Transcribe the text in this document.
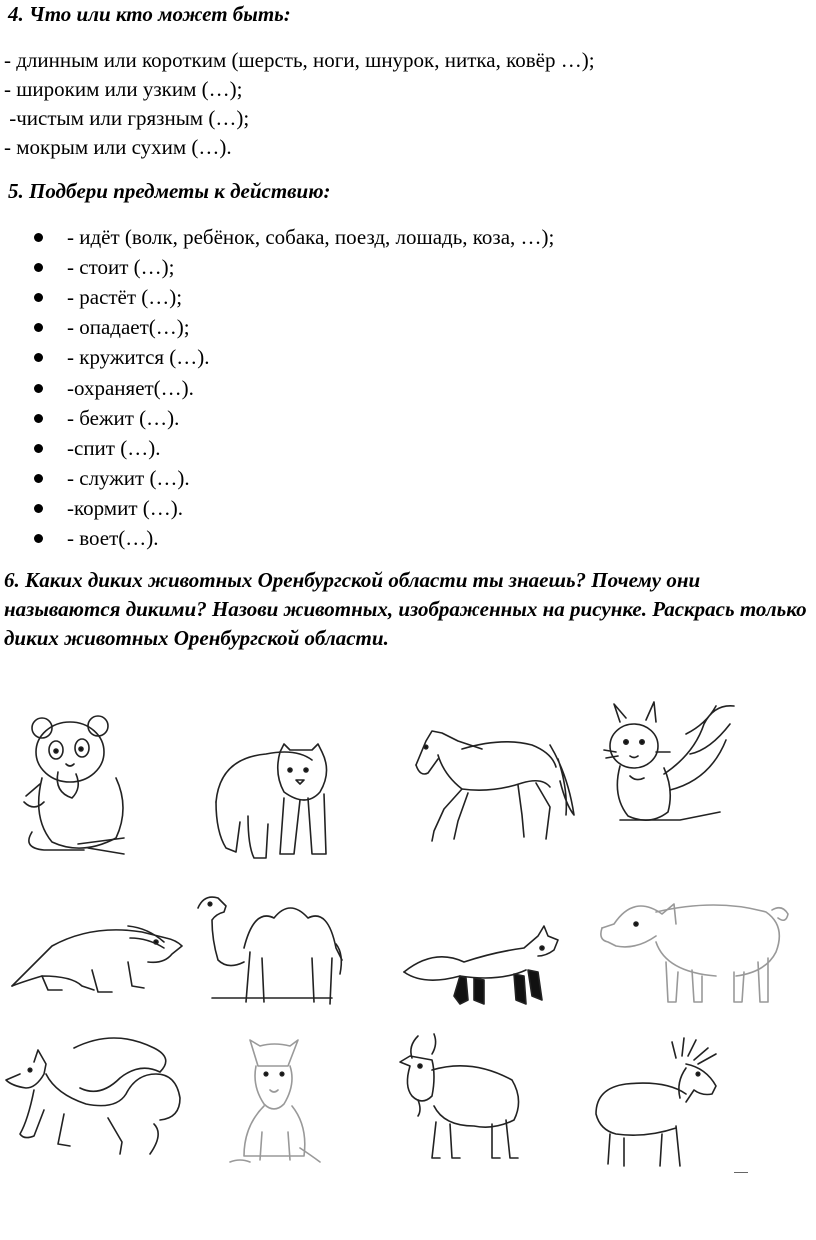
4. Что или кто может быть:

- длинным или коротким (шерсть, ноги, шнурок, нитка, ковёр …);

- широким или узким (…);

-чистым или грязным (…);

- мокрым или сухим (…).

5. Подбери предметы к действию:
- идёт (волк, ребёнок, собака, поезд, лошадь, коза, …);
- стоит (…);
- растёт (…);
- опадает(…);
- кружится (…).
-охраняет(…).
- бежит (…).
-спит (…).
- служит (…).
-кормит (…).
- воет(…).

6. Каких диких животных Оренбургской области ты знаешь? Почему они называются дикими? Назови животных, изображенных на рисунке. Раскрась только диких животных Оренбургской области.
